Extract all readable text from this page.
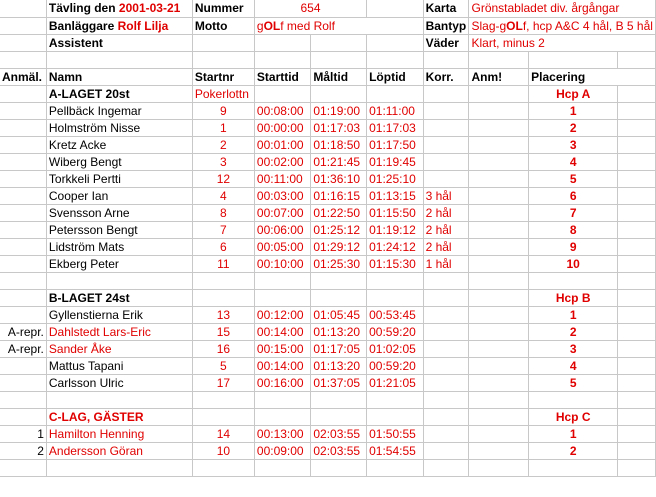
	Tävling den 2001-03-21	Nummer	654			Karta	Grönstabladet div. årgångar		
	Banläggare Rolf Lilja	Motto	gOLf med Rolf			Bantyp	Slag-gOLf, hcp A&C 4 hål, B 5 hål		
	Assistent					Väder	Klart, minus 2		

Anmäl.	Namn	Startnr	Starttid	Måltid	Löptid	Korr.	Anm!	Placering	
	A-LAGET 20st	Pokerlottn						Hcp A	
	Pellbäck Ingemar	9	00:08:00	01:19:00	01:11:00			1	
	Holmström Nisse	1	00:00:00	01:17:03	01:17:03			2	
	Kretz Acke	2	00:01:00	01:18:50	01:17:50			3	
	Wiberg Bengt	3	00:02:00	01:21:45	01:19:45			4	
	Torkkeli Pertti	12	00:11:00	01:36:10	01:25:10			5	
	Cooper Ian	4	00:03:00	01:16:15	01:13:15	3 hål		6	
	Svensson Arne	8	00:07:00	01:22:50	01:15:50	2 hål		7	
	Petersson Bengt	7	00:06:00	01:25:12	01:19:12	2 hål		8	
	Lidström Mats	6	00:05:00	01:29:12	01:24:12	2 hål		9	
	Ekberg Peter	11	00:10:00	01:25:30	01:15:30	1 hål		10	

	B-LAGET 24st							Hcp B	
	Gyllenstierna Erik	13	00:12:00	01:05:45	00:53:45			1	
A-repr.	Dahlstedt Lars-Eric	15	00:14:00	01:13:20	00:59:20			2	
A-repr.	Sander Åke	16	00:15:00	01:17:05	01:02:05			3	
	Mattus Tapani	5	00:14:00	01:13:20	00:59:20			4	
	Carlsson Ulric	17	00:16:00	01:37:05	01:21:05			5	

	C-LAG, GÄSTER							Hcp C	
1	Hamilton Henning	14	00:13:00	02:03:55	01:50:55			1	
2	Andersson Göran	10	00:09:00	02:03:55	01:54:55			2	
